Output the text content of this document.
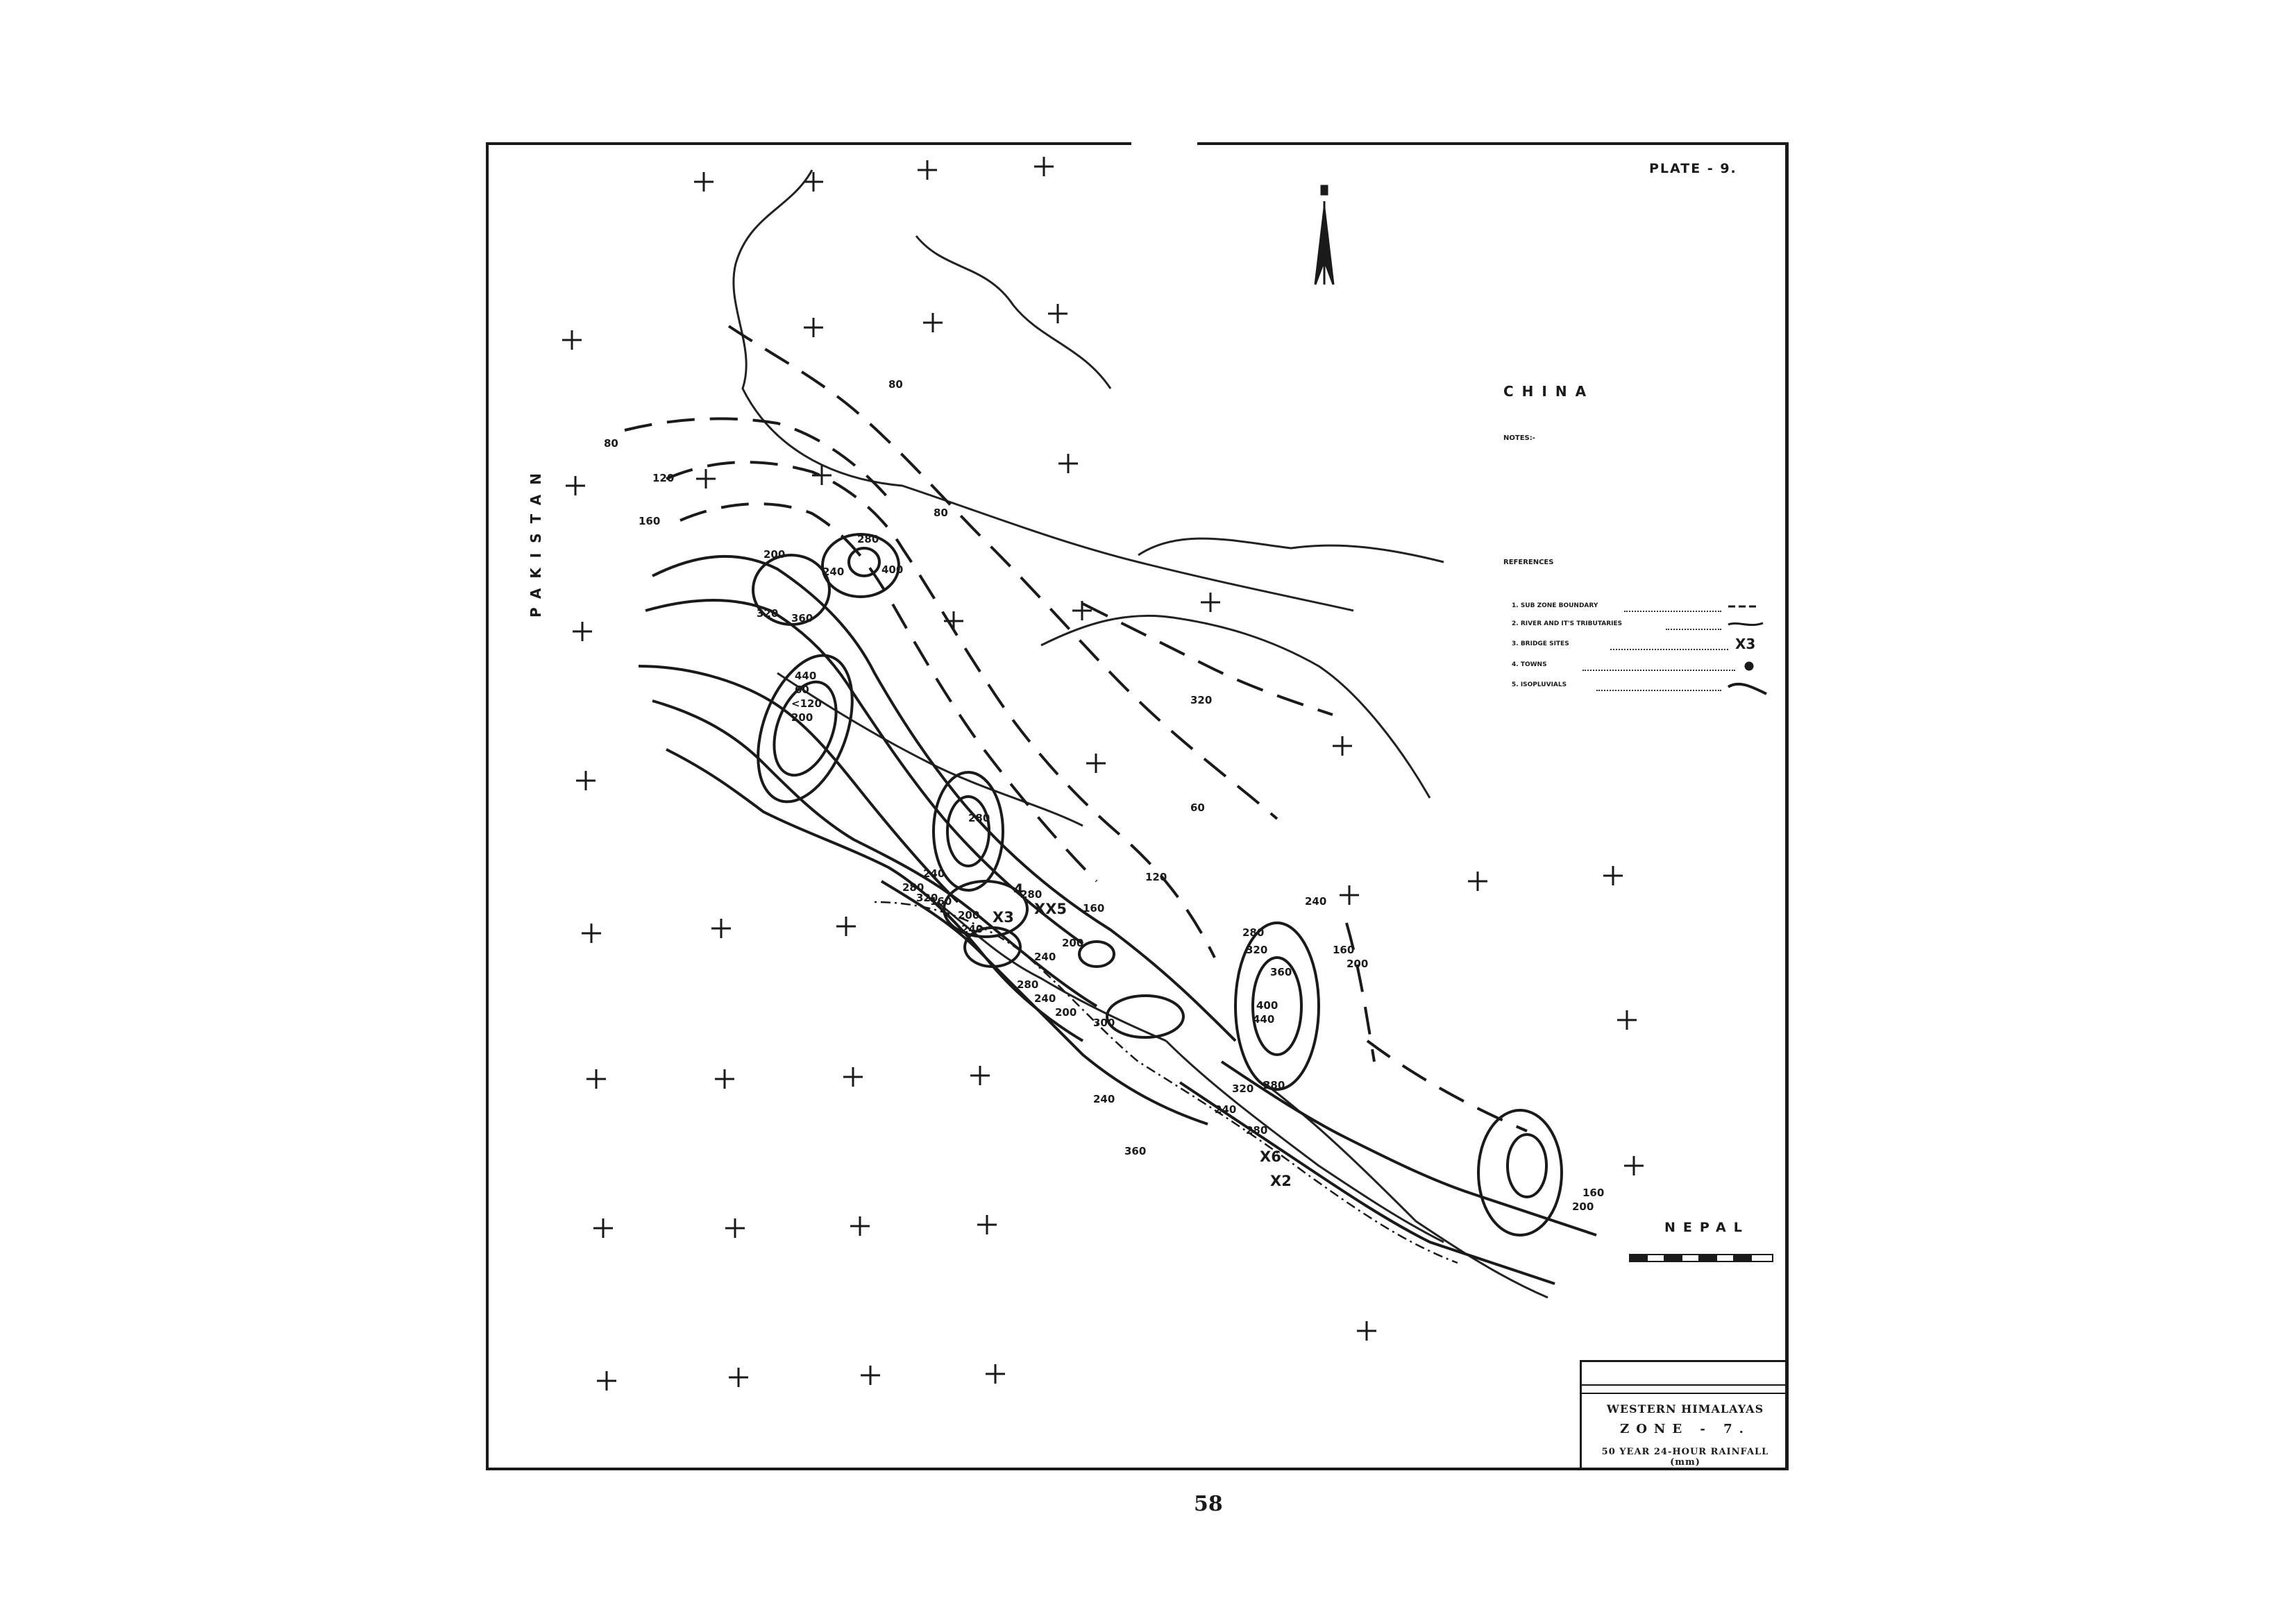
PLATE - 9.
CHINA
PAKISTAN
NEPAL
NOTES:-
REFERENCES
1. SUB ZONE BOUNDARY
2. RIVER AND IT'S TRIBUTARIES
3. BRIDGE SITES
4. TOWNS
5. ISOPLUVIALS
X3
80
120
160
200
240
280
320 360
400
440
60
<120
200
240
280
320
160
200
240
280
320
60
80
80
120
160
200
240
280
240
160
200
280
320
360
400
440
380
360
280
240
200
300
240
240
280
320
160
200
X3 XX5
4
X6
X2
WESTERN HIMALAYAS
ZONE - 7.
50 YEAR 24-HOUR RAINFALL (mm)
58
